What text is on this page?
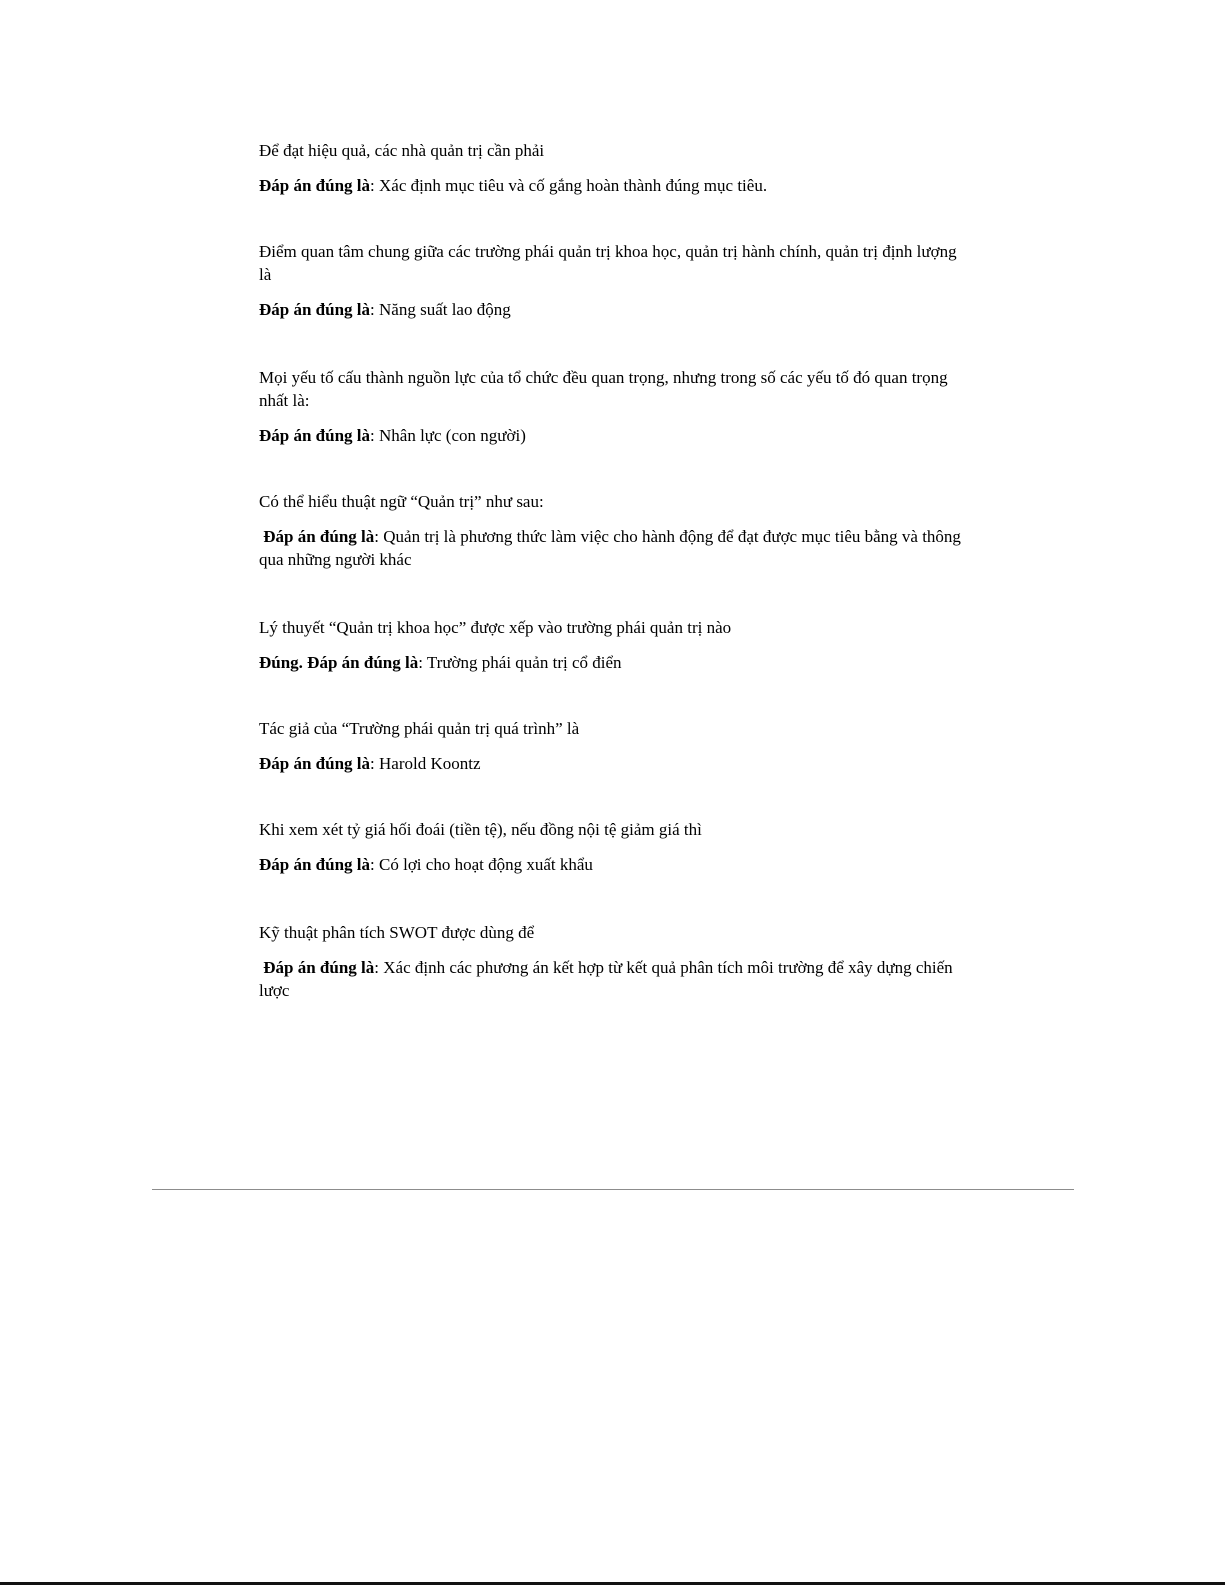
Để đạt hiệu quả, các nhà quản trị cần phải

Đáp án đúng là: Xác định mục tiêu và cố gắng hoàn thành đúng mục tiêu.

Điểm quan tâm chung giữa các trường phái quản trị khoa học, quản trị hành chính, quản trị định lượng là

Đáp án đúng là: Năng suất lao động

Mọi yếu tố cấu thành nguồn lực của tổ chức đều quan trọng, nhưng trong số các yếu tố đó quan trọng nhất là:

Đáp án đúng là: Nhân lực (con người)

Có thể hiểu thuật ngữ “Quản trị” như sau:

Đáp án đúng là: Quản trị là phương thức làm việc cho hành động để đạt được mục tiêu bằng và thông qua những người khác

Lý thuyết “Quản trị khoa học” được xếp vào trường phái quản trị nào

Đúng. Đáp án đúng là: Trường phái quản trị cổ điển

Tác giả của “Trường phái quản trị quá trình” là

Đáp án đúng là: Harold Koontz

Khi xem xét tỷ giá hối đoái (tiền tệ), nếu đồng nội tệ giảm giá thì

Đáp án đúng là: Có lợi cho hoạt động xuất khẩu

Kỹ thuật phân tích SWOT được dùng để

Đáp án đúng là: Xác định các phương án kết hợp từ kết quả phân tích môi trường để xây dựng chiến lược
